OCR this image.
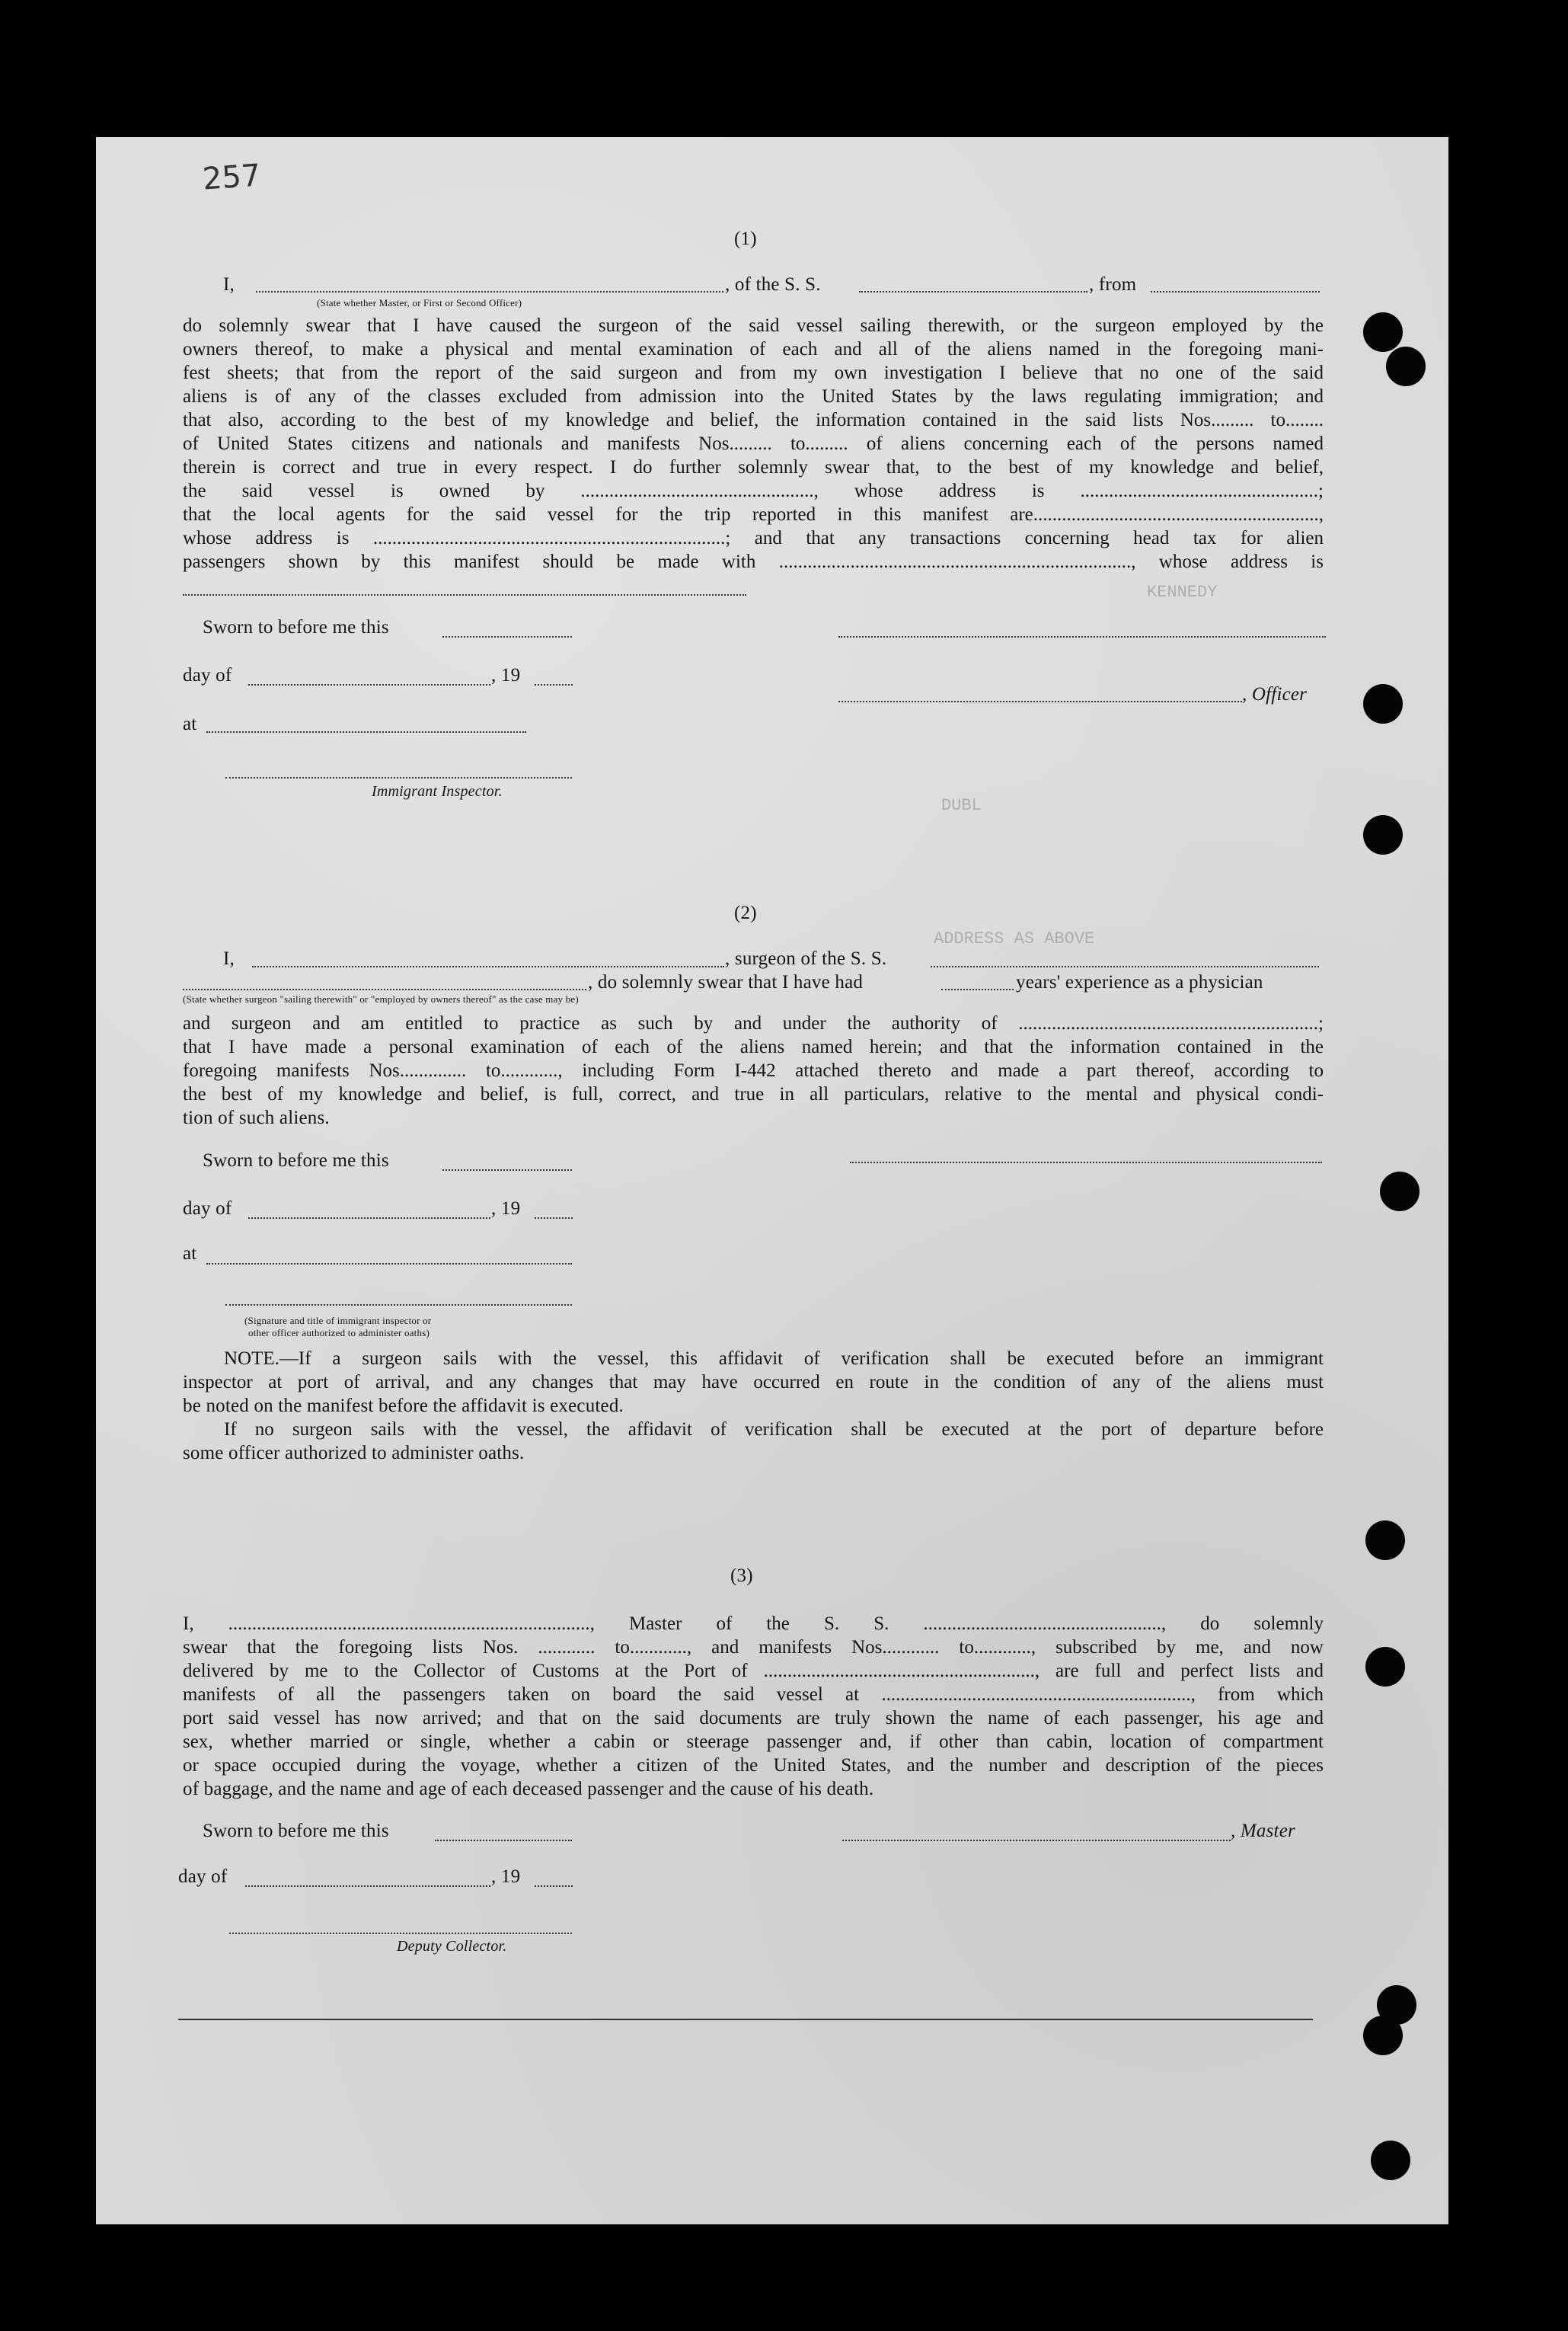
KENNEDY
DUBL
ADDRESS AS ABOVE
257
(1)
I,	, of the S. S.	, from
(State whether Master, or First or Second Officer)
do solemnly swear that I have caused the surgeon of the said vessel sailing therewith, or the surgeon employed by the
owners thereof, to make a physical and mental examination of each and all of the aliens named in the foregoing mani-
fest sheets; that from the report of the said surgeon and from my own investigation I believe that no one of the said
aliens is of any of the classes excluded from admission into the United States by the laws regulating immigration; and
that also, according to the best of my knowledge and belief, the information contained in the said lists Nos......... to........
of United States citizens and nationals and manifests Nos......... to......... of aliens concerning each of the persons named
therein is correct and true in every respect. I do further solemnly swear that, to the best of my knowledge and belief,
the said vessel is owned by ................................................., whose address is ..................................................;
that the local agents for the said vessel for the trip reported in this manifest are............................................................,
whose address is ..........................................................................; and that any transactions concerning head tax for alien
passengers shown by this manifest should be made with .........................................................................., whose address is
Sworn to before me this
day of	, 19
, Officer
at
Immigrant Inspector.
(2)
I,	, surgeon of the S. S.
, do solemnly swear that I have had	years' experience as a physician
(State whether surgeon "sailing therewith" or "employed by owners thereof" as the case may be)
and surgeon and am entitled to practice as such by and under the authority of ...............................................................;
that I have made a personal examination of each of the aliens named herein; and that the information contained in the
foregoing manifests Nos.............. to............, including Form I-442 attached thereto and made a part thereof, according to
the best of my knowledge and belief, is full, correct, and true in all particulars, relative to the mental and physical condi-
tion of such aliens.
Sworn to before me this
day of	, 19
at
(Signature and title of immigrant inspector or
other officer authorized to administer oaths)
NOTE.—If a surgeon sails with the vessel, this affidavit of verification shall be executed before an immigrant
inspector at port of arrival, and any changes that may have occurred en route in the condition of any of the aliens must
be noted on the manifest before the affidavit is executed.
If no surgeon sails with the vessel, the affidavit of verification shall be executed at the port of departure before
some officer authorized to administer oaths.
(3)
I, ............................................................................, Master of the S. S. .................................................., do solemnly
swear that the foregoing lists Nos. ............ to............, and manifests Nos............ to............, subscribed by me, and now
delivered by me to the Collector of Customs at the Port of ........................................................., are full and perfect lists and
manifests of all the passengers taken on board the said vessel at ................................................................., from which
port said vessel has now arrived; and that on the said documents are truly shown the name of each passenger, his age and
sex, whether married or single, whether a cabin or steerage passenger and, if other than cabin, location of compartment
or space occupied during the voyage, whether a citizen of the United States, and the number and description of the pieces
of baggage, and the name and age of each deceased passenger and the cause of his death.
Sworn to before me this	, Master
day of	, 19
Deputy Collector.
